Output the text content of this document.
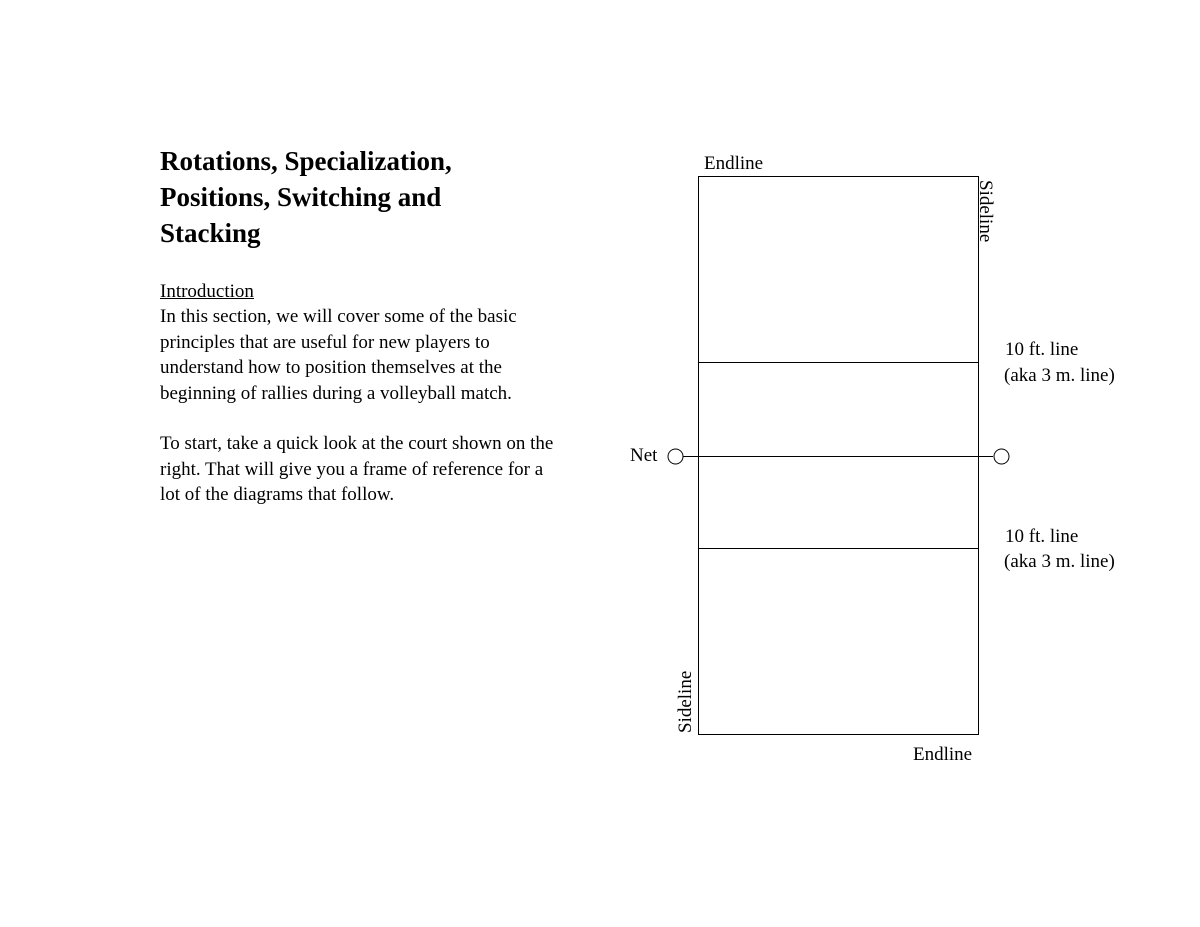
Rotations, Specialization,
Positions, Switching and
Stacking
Introduction

In this section, we will cover some of the basic principles that are useful for new players to understand how to position themselves at the beginning of rallies during a volleyball match.

To start, take a quick look at the court shown on the right. That will give you a frame of reference for a lot of the diagrams that follow.

Endline
Endline
Sideline
Sideline
Net
10 ft. line (aka 3 m. line)
10 ft. line (aka 3 m. line)
